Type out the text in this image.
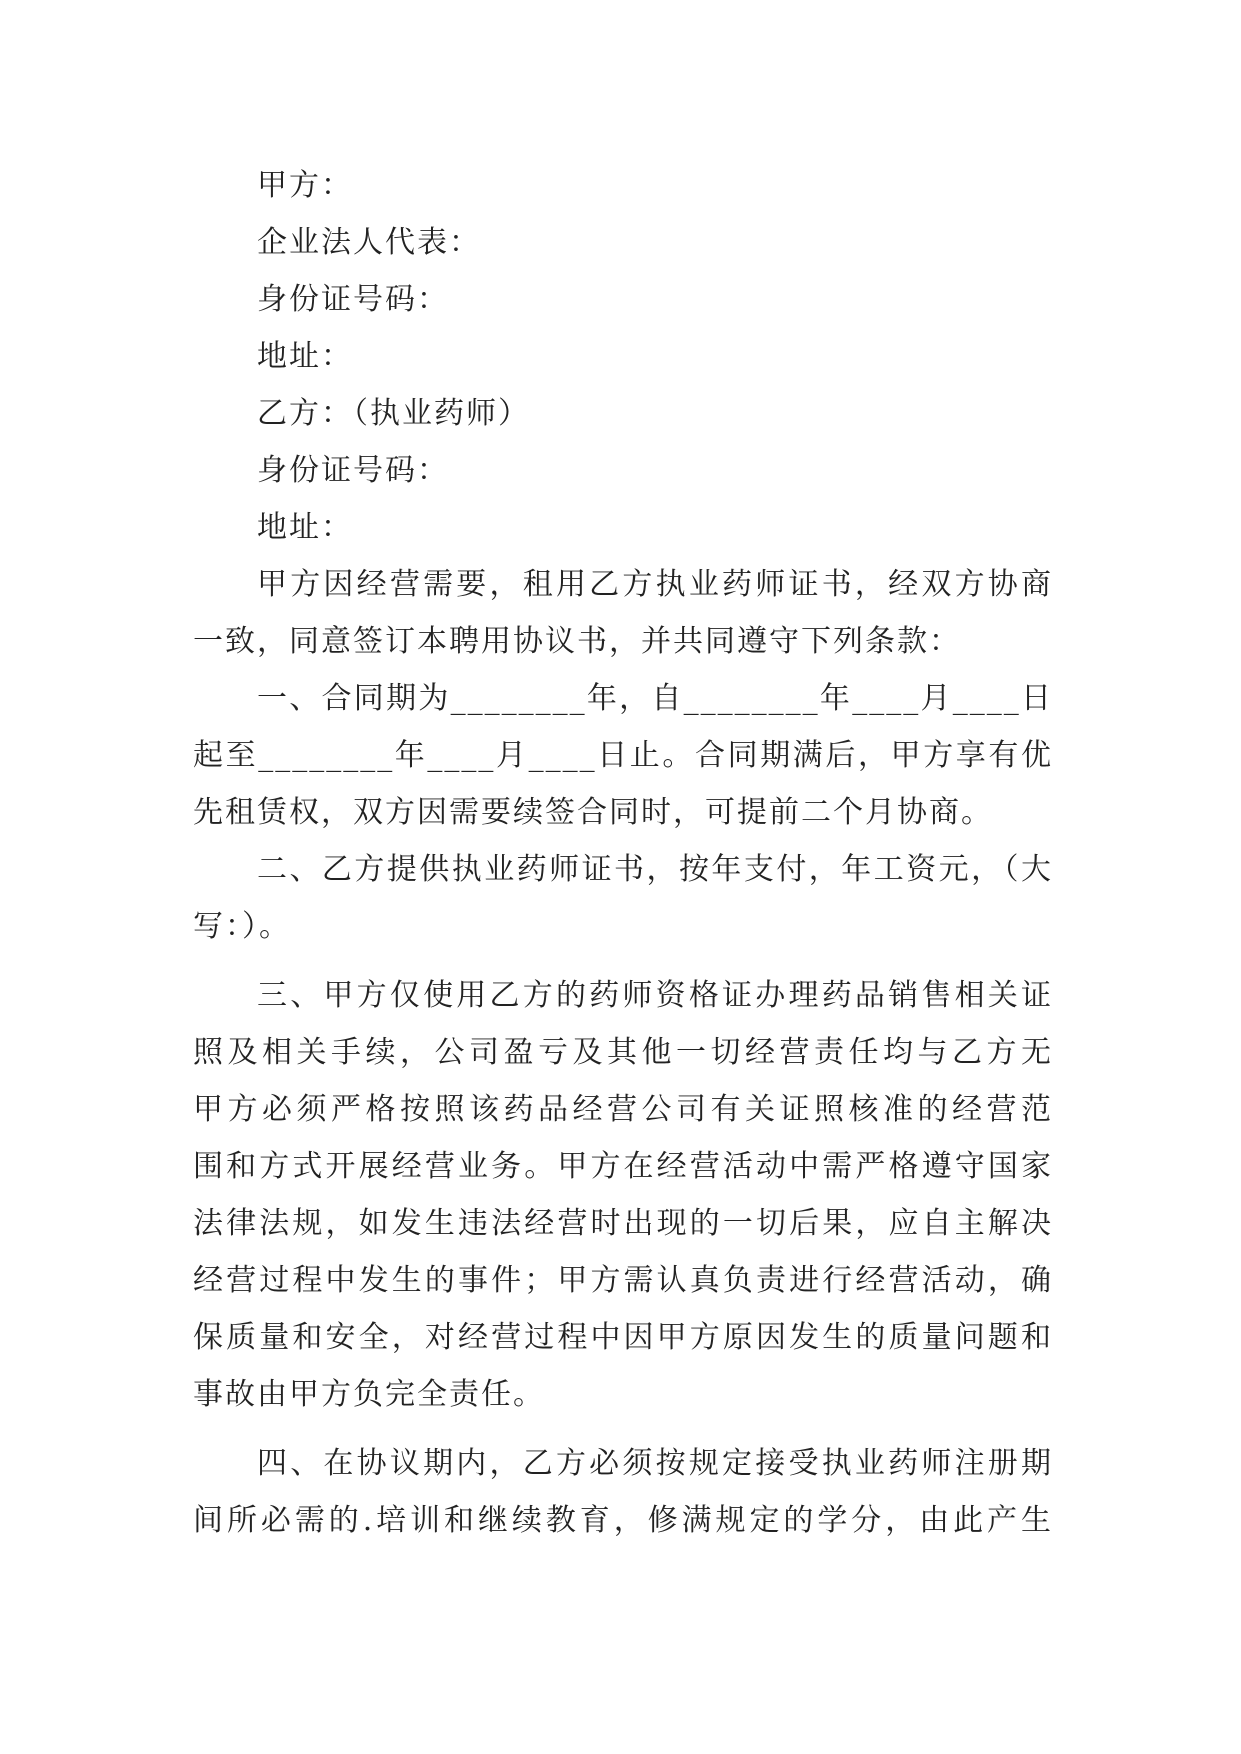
甲方：
企业法人代表：
身份证号码：
地址：
乙方：（执业药师）
身份证号码：
地址：
甲方因经营需要，租用乙方执业药师证书，经双方协商
一致，同意签订本聘用协议书，并共同遵守下列条款：
一、合同期为________年，自________年____月____日
起至________年____月____日止。合同期满后，甲方享有优
先租赁权，双方因需要续签合同时，可提前二个月协商。
二、乙方提供执业药师证书，按年支付，年工资元，（大
写：）。
三、甲方仅使用乙方的药师资格证办理药品销售相关证
照及相关手续，公司盈亏及其他一切经营责任均与乙方无
甲方必须严格按照该药品经营公司有关证照核准的经营范
围和方式开展经营业务。甲方在经营活动中需严格遵守国家
法律法规，如发生违法经营时出现的一切后果，应自主解决
经营过程中发生的事件；甲方需认真负责进行经营活动，确
保质量和安全，对经营过程中因甲方原因发生的质量问题和
事故由甲方负完全责任。
四、在协议期内，乙方必须按规定接受执业药师注册期
间所必需的.培训和继续教育，修满规定的学分，由此产生
